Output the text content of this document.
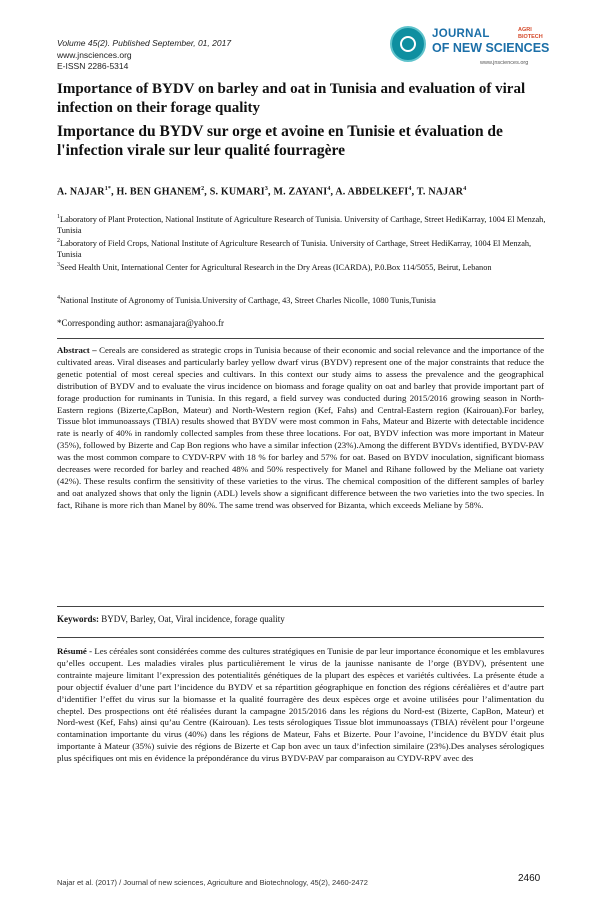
Volume 45(2). Published September, 01, 2017
www.jnsciences.org
E-ISSN 2286-5314
JOURNAL
OF NEW SCIENCES
AGRI
BIOTECH
www.jnsciences.org
Importance of BYDV on barley and oat in Tunisia and evaluation of viral infection on their forage quality
Importance du BYDV sur orge et avoine en Tunisie et évaluation de l'infection virale sur leur qualité fourragère
A. $NAJAR^{1*}$, H. BEN GHANEM$^2$, S. KUMARI$^3$, M. ZAYANI$^4$, A. ABDELKEFI$^4$, T. NAJAR$^4$
$^1$Laboratory of Plant Protection, National Institute of Agriculture Research of Tunisia. University of Carthage, Street HediKarray, 1004 El Menzah, Tunisia
$^2$Laboratory of Field Crops, National Institute of Agriculture Research of Tunisia. University of Carthage, Street HediKarray, 1004 El Menzah, Tunisia
$^3$Seed Health Unit, International Center for Agricultural Research in the Dry Areas (ICARDA), P.0.Box 114/5055, Beirut, Lebanon
$^4$National Institute of Agronomy of Tunisia.University of Carthage, 43, Street Charles Nicolle, 1080 Tunis,Tunisia
*Corresponding author: asmanajara@yahoo.fr
Abstract – Cereals are considered as strategic crops in Tunisia because of their economic and social relevance and the importance of the cultivated areas. Viral diseases and particularly barley yellow dwarf virus (BYDV) represent one of the major constraints that reduce the genetic potential of most cereal species and cultivars. In this context our study aims to assess the prevalence and the geographical distribution of BYDV and to evaluate the virus incidence on biomass and forage quality on oat and barley that provide important part of forage production for ruminants in Tunisia. In this regard, a field survey was conducted during 2015/2016 growing season in North-Eastern regions (Bizerte,CapBon, Mateur) and North-Western region (Kef, Fahs) and Central-Eastern region (Kairouan).For barley, Tissue blot immunoassays (TBIA) results showed that BYDV were most common in Fahs, Mateur and Bizerte with detectable incidence rate is nearly of 40% in randomly collected samples from these three locations. For oat, BYDV infection was more important in Mateur (35%), followed by Bizerte and Cap Bon regions who have a similar infection (23%).Among the different BYDVs identified, BYDV-PAV was the most common compare to CYDV-RPV with 18 % for barley and 57% for oat. Based on BYDV inoculation, significant biomass decreases were recorded for barley and reached 48% and 50% respectively for Manel and Rihane followed by the Meliane oat variety (42%). These results confirm the sensitivity of these varieties to the virus. The chemical composition of the different samples of barley and oat analyzed shows that only the lignin (ADL) levels show a significant difference between the two varieties into the two species. In fact, Rihane is more rich than Manel by 80%. The same trend was observed for Bizanta, which exceeds Meliane by 58%.
Keywords: BYDV, Barley, Oat, Viral incidence, forage quality
Résumé - Les céréales sont considérées comme des cultures stratégiques en Tunisie de par leur importance économique et les emblavures qu’elles occupent. Les maladies virales plus particulièrement le virus de la jaunisse nanisante de l’orge (BYDV), présentent une contrainte majeure limitant l’expression des potentialités génétiques de la plupart des espèces et variétés cultivées. La présente étude a pour objectif évaluer d’une part l’incidence du BYDV et sa répartition géographique en fonction des régions céréalières et d’autre part d’identifier l’effet du virus sur la biomasse et la qualité fourragère des deux espèces orge et avoine utilisées pour l’alimentation du cheptel. Des prospections ont été réalisées durant la campagne 2015/2016 dans les régions du Nord-est (Bizerte, CapBon, Mateur) et Nord-west (Kef, Fahs) ainsi qu’au Centre (Kairouan). Les tests sérologiques Tissue blot immunoassays (TBIA) révèlent pour l’orgeune contamination importante du virus (40%) dans les régions de Mateur, Fahs et Bizerte. Pour l’avoine, l’incidence du BYDV était plus importante à Mateur (35%) suivie des régions de Bizerte et Cap bon avec un taux d’infection similaire (23%).Des analyses sérologiques plus spécifiques ont mis en évidence la prépondérance du virus BYDV-PAV par comparaison au CYDV-RPV avec des
Najar et al. (2017) / Journal of new sciences, Agriculture and Biotechnology, 45(2), 2460-2472	2460
